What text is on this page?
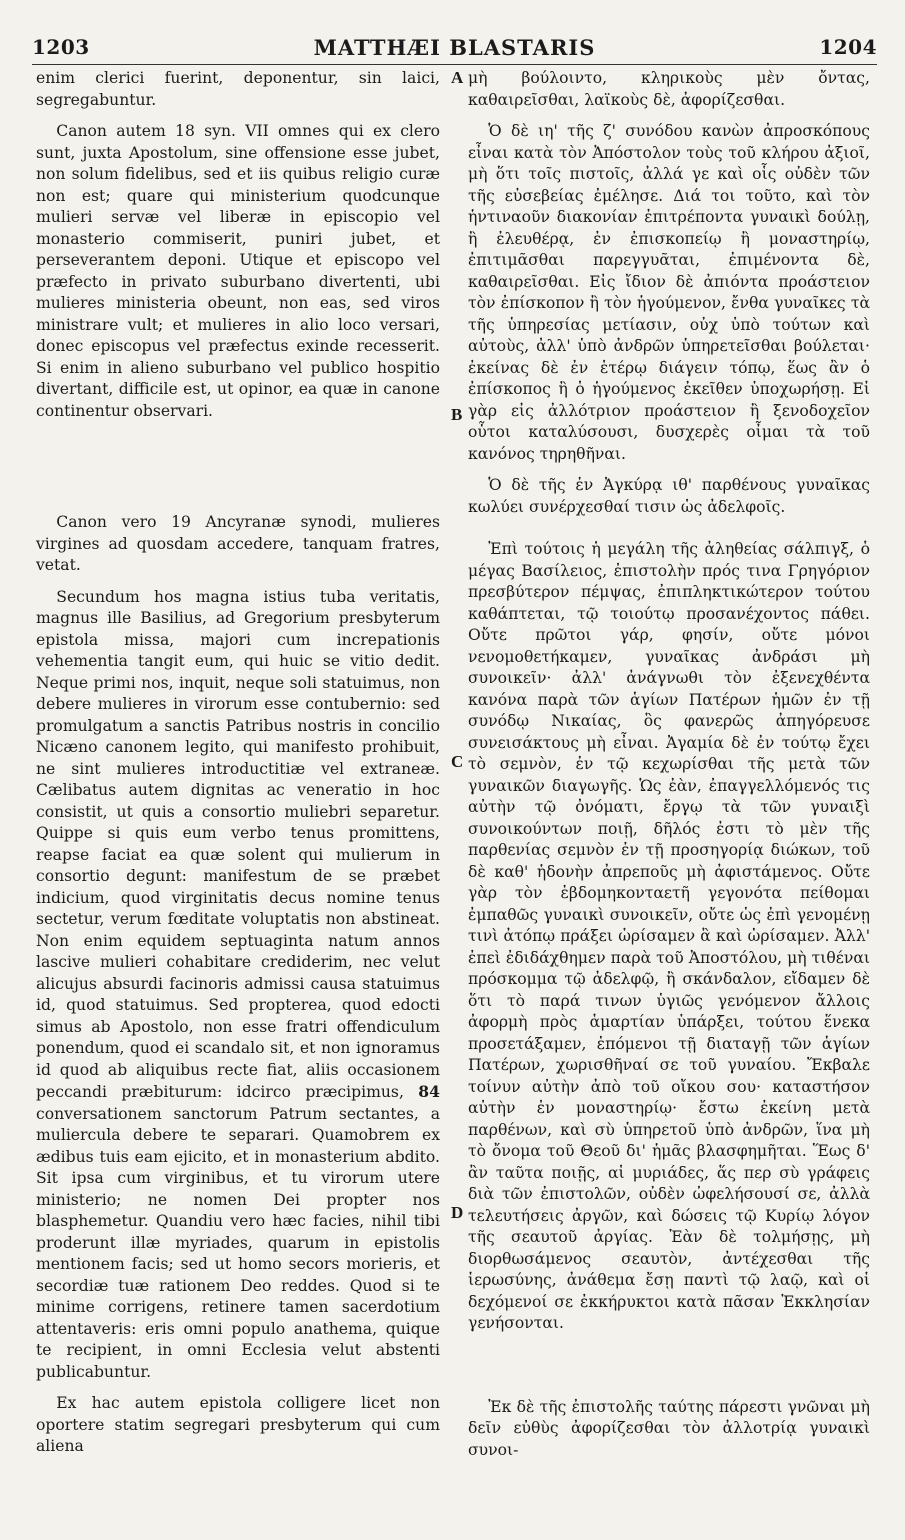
1203	MATTHÆI BLASTARIS	1204
A
B
C
D

enim clerici fuerint, deponentur, sin laici, segregabuntur.

Canon autem 18 syn. VII omnes qui ex clero sunt, juxta Apostolum, sine offensione esse jubet, non solum fidelibus, sed et iis quibus religio curæ non est; quare qui ministerium quodcunque mulieri servæ vel liberæ in episcopio vel monasterio commiserit, puniri jubet, et perseverantem deponi. Utique et episcopo vel præfecto in privato suburbano divertenti, ubi mulieres ministeria obeunt, non eas, sed viros ministrare vult; et mulieres in alio loco versari, donec episcopus vel præfectus exinde recesserit. Si enim in alieno suburbano vel publico hospitio divertant, difficile est, ut opinor, ea quæ in canone continentur observari.

Canon vero 19 Ancyranæ synodi, mulieres virgines ad quosdam accedere, tanquam fratres, vetat.

Secundum hos magna istius tuba veritatis, magnus ille Basilius, ad Gregorium presbyterum epistola missa, majori cum increpationis vehementia tangit eum, qui huic se vitio dedit. Neque primi nos, inquit, neque soli statuimus, non debere mulieres in virorum esse contubernio: sed promulgatum a sanctis Patribus nostris in concilio Nicæno canonem legito, qui manifesto prohibuit, ne sint mulieres introductitiæ vel extraneæ. Cælibatus autem dignitas ac veneratio in hoc consistit, ut quis a consortio muliebri separetur. Quippe si quis eum verbo tenus promittens, reapse faciat ea quæ solent qui mulierum in consortio degunt: manifestum de se præbet indicium, quod virginitatis decus nomine tenus sectetur, verum fœditate voluptatis non abstineat. Non enim equidem septuaginta natum annos lascive mulieri cohabitare crediderim, nec velut alicujus absurdi facinoris admissi causa statuimus id, quod statuimus. Sed propterea, quod edocti simus ab Apostolo, non esse fratri offendiculum ponendum, quod ei scandalo sit, et non ignoramus id quod ab aliquibus recte fiat, aliis occasionem peccandi præbiturum: idcirco præcipimus, 84 conversationem sanctorum Patrum sectantes, a muliercula debere te separari. Quamobrem ex ædibus tuis eam ejicito, et in monasterium abdito. Sit ipsa cum virginibus, et tu virorum utere ministerio; ne nomen Dei propter nos blasphemetur. Quandiu vero hæc facies, nihil tibi proderunt illæ myriades, quarum in epistolis mentionem facis; sed ut homo secors morieris, et secordiæ tuæ rationem Deo reddes. Quod si te minime corrigens, retinere tamen sacerdotium attentaveris: eris omni populo anathema, quique te recipient, in omni Ecclesia velut abstenti publicabuntur.

Ex hac autem epistola colligere licet non oportere statim segregari presbyterum qui cum aliena

μὴ βούλοιντο, κληρικοὺς μὲν ὄντας, καθαιρεῖσθαι, λαϊκοὺς δὲ, ἀφορίζεσθαι.

Ὁ δὲ ιη' τῆς ζ' συνόδου κανὼν ἀπροσκόπους εἶναι κατὰ τὸν Ἀπόστολον τοὺς τοῦ κλήρου ἀξιοῖ, μὴ ὅτι τοῖς πιστοῖς, ἀλλά γε καὶ οἷς οὐδὲν τῶν τῆς εὐσεβείας ἐμέλησε. Διά τοι τοῦτο, καὶ τὸν ἡντιναοῦν διακονίαν ἐπιτρέποντα γυναικὶ δούλῃ, ἢ ἐλευθέρᾳ, ἐν ἐπισκοπείῳ ἢ μοναστηρίῳ, ἐπιτιμᾶσθαι παρεγγυᾶται, ἐπιμένοντα δὲ, καθαιρεῖσθαι. Εἰς ἴδιον δὲ ἀπιόντα προάστειον τὸν ἐπίσκοπον ἢ τὸν ἡγούμενον, ἔνθα γυναῖκες τὰ τῆς ὑπηρεσίας μετίασιν, οὐχ ὑπὸ τούτων καὶ αὐτοὺς, ἀλλ' ὑπὸ ἀνδρῶν ὑπηρετεῖσθαι βούλεται· ἐκείνας δὲ ἐν ἑτέρῳ διάγειν τόπῳ, ἕως ἂν ὁ ἐπίσκοπος ἢ ὁ ἡγούμενος ἐκεῖθεν ὑποχωρήσῃ. Εἰ γὰρ εἰς ἀλλότριον προάστειον ἢ ξενοδοχεῖον οὗτοι καταλύσουσι, δυσχερὲς οἶμαι τὰ τοῦ κανόνος τηρηθῆναι.

Ὁ δὲ τῆς ἐν Ἀγκύρᾳ ιθ' παρθένους γυναῖκας κωλύει συνέρχεσθαί τισιν ὡς ἀδελφοῖς.

Ἐπὶ τούτοις ἡ μεγάλη τῆς ἀληθείας σάλπιγξ, ὁ μέγας Βασίλειος, ἐπιστολὴν πρός τινα Γρηγόριον πρεσβύτερον πέμψας, ἐπιπληκτικώτερον τούτου καθάπτεται, τῷ τοιούτῳ προσανέχοντος πάθει. Οὔτε πρῶτοι γάρ, φησίν, οὔτε μόνοι νενομοθετήκαμεν, γυναῖκας ἀνδράσι μὴ συνοικεῖν· ἀλλ' ἀνάγνωθι τὸν ἐξενεχθέντα κανόνα παρὰ τῶν ἁγίων Πατέρων ἡμῶν ἐν τῇ συνόδῳ Νικαίας, ὃς φανερῶς ἀπηγόρευσε συνεισάκτους μὴ εἶναι. Ἀγαμία δὲ ἐν τούτῳ ἔχει τὸ σεμνὸν, ἐν τῷ κεχωρίσθαι τῆς μετὰ τῶν γυναικῶν διαγωγῆς. Ὡς ἐὰν, ἐπαγγελλόμενός τις αὐτὴν τῷ ὀνόματι, ἔργῳ τὰ τῶν γυναιξὶ συνοικούντων ποιῇ, δῆλός ἐστι τὸ μὲν τῆς παρθενίας σεμνὸν ἐν τῇ προσηγορίᾳ διώκων, τοῦ δὲ καθ' ἡδονὴν ἀπρεποῦς μὴ ἀφιστάμενος. Οὔτε γὰρ τὸν ἑβδομηκονταετῆ γεγονότα πείθομαι ἐμπαθῶς γυναικὶ συνοικεῖν, οὔτε ὡς ἐπὶ γενομένῃ τινὶ ἀτόπῳ πράξει ὡρίσαμεν ἃ καὶ ὡρίσαμεν. Ἀλλ' ἐπεὶ ἐδιδάχθημεν παρὰ τοῦ Ἀποστόλου, μὴ τιθέναι πρόσκομμα τῷ ἀδελφῷ, ἢ σκάνδαλον, εἴδαμεν δὲ ὅτι τὸ παρά τινων ὑγιῶς γενόμενον ἄλλοις ἀφορμὴ πρὸς ἁμαρτίαν ὑπάρξει, τούτου ἕνεκα προσετάξαμεν, ἑπόμενοι τῇ διαταγῇ τῶν ἁγίων Πατέρων, χωρισθῆναί σε τοῦ γυναίου. Ἔκβαλε τοίνυν αὐτὴν ἀπὸ τοῦ οἴκου σου· καταστήσον αὐτὴν ἐν μοναστηρίῳ· ἔστω ἐκείνη μετὰ παρθένων, καὶ σὺ ὑπηρετοῦ ὑπὸ ἀνδρῶν, ἵνα μὴ τὸ ὄνομα τοῦ Θεοῦ δι' ἡμᾶς βλασφημῆται. Ἕως δ' ἂν ταῦτα ποιῇς, αἱ μυριάδες, ἅς περ σὺ γράφεις διὰ τῶν ἐπιστολῶν, οὐδὲν ὠφελήσουσί σε, ἀλλὰ τελευτήσεις ἀργῶν, καὶ δώσεις τῷ Κυρίῳ λόγον τῆς σεαυτοῦ ἀργίας. Ἐὰν δὲ τολμήσῃς, μὴ διορθωσάμενος σεαυτὸν, ἀντέχεσθαι τῆς ἱερωσύνης, ἀνάθεμα ἔσῃ παντὶ τῷ λαῷ, καὶ οἱ δεχόμενοί σε ἐκκήρυκτοι κατὰ πᾶσαν Ἐκκλησίαν γενήσονται.

Ἐκ δὲ τῆς ἐπιστολῆς ταύτης πάρεστι γνῶναι μὴ δεῖν εὐθὺς ἀφορίζεσθαι τὸν ἀλλοτρίᾳ γυναικὶ συνοι-
